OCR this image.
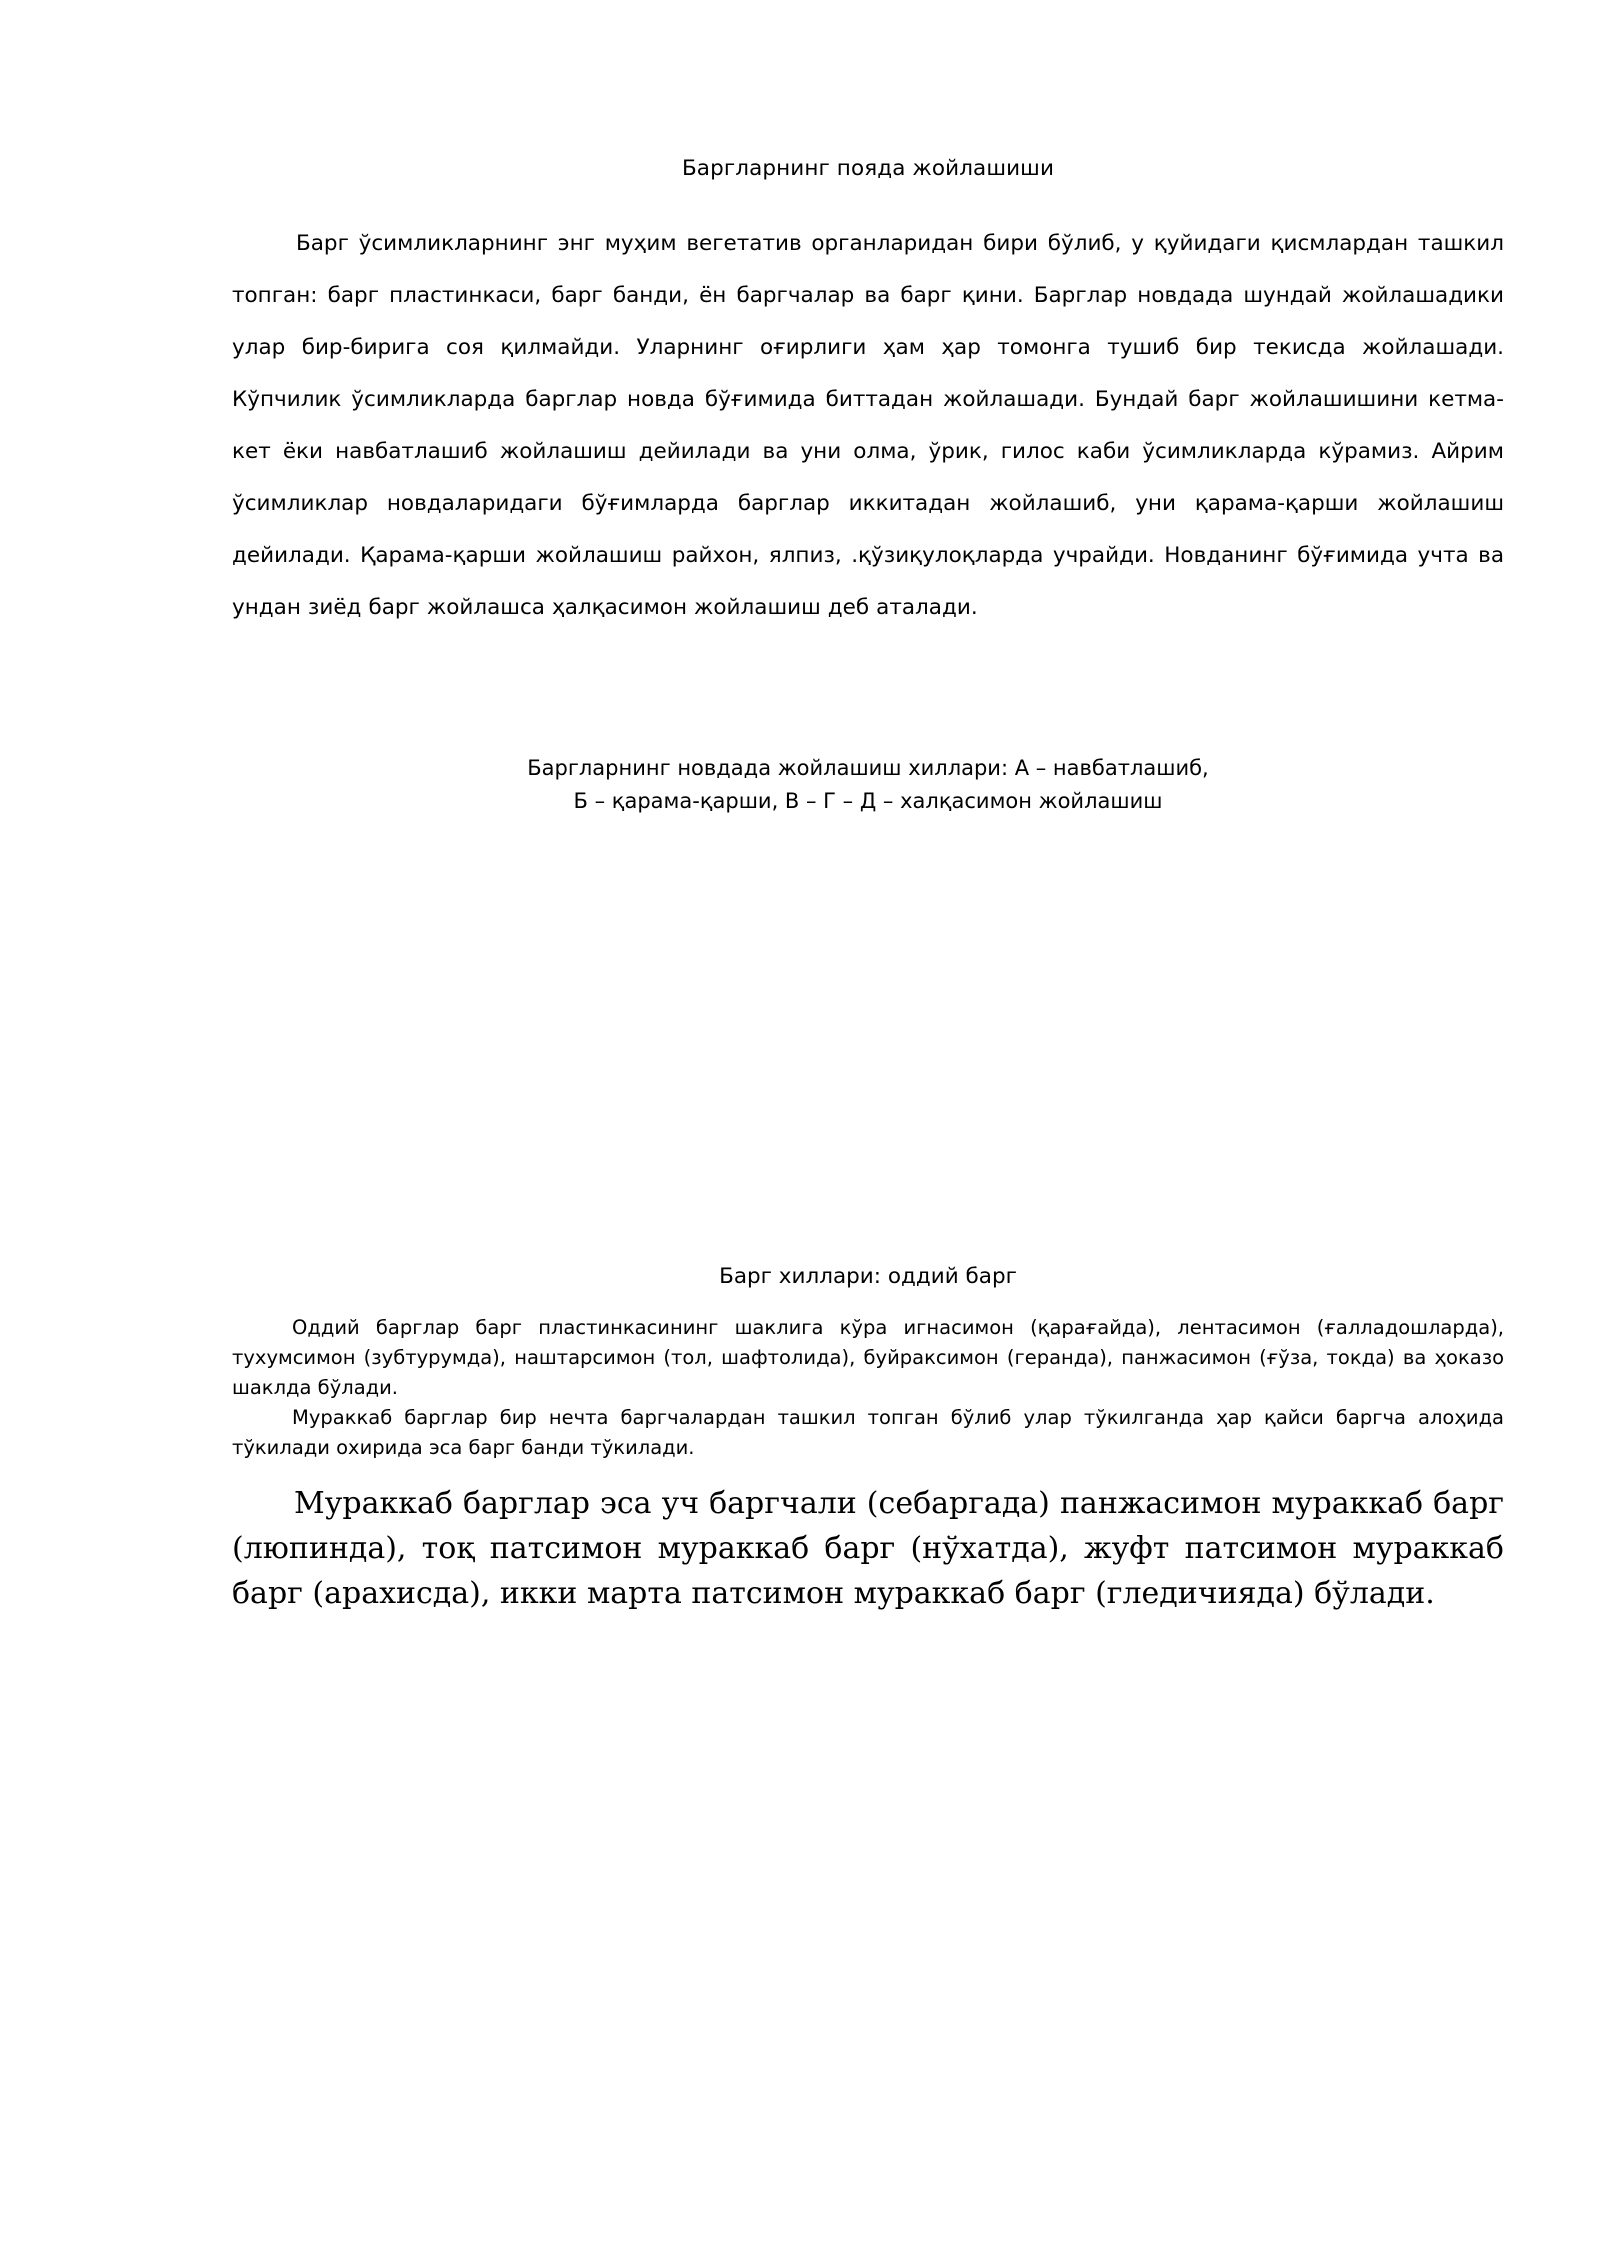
Баргларнинг пояда жойлашиши
Барг ўсимликларнинг энг муҳим вегетатив органларидан бири бўлиб, у қуйидаги қисмлардан ташкил топган: барг пластинкаси, барг банди, ён баргчалар ва барг қини. Барглар новдада шундай жойлашадики улар бир-бирига соя қилмайди. Уларнинг оғирлиги ҳам ҳар томонга тушиб бир текисда жойлашади. Кўпчилик ўсимликларда барглар новда бўғимида биттадан жойлашади. Бундай барг жойлашишини кетма-кет ёки навбатлашиб жойлашиш дейилади ва уни олма, ўрик, гилос каби ўсимликларда кўрамиз. Айрим ўсимликлар новдаларидаги бўғимларда барглар иккитадан жойлашиб, уни қарама-қарши жойлашиш дейилади. Қарама-қарши жойлашиш райхон, ялпиз, .қўзиқулоқларда учрайди. Новданинг бўғимида учта ва ундан зиёд барг жойлашса ҳалқасимон жойлашиш деб аталади.
Баргларнинг новдада жойлашиш хиллари: А – навбатлашиб,
Б – қарама-қарши, В – Г – Д – халқасимон жойлашиш
Барг хиллари: оддий барг

Оддий барглар барг пластинкасининг шаклига кўра игнасимон (қарағайда), лентасимон (ғалладошларда), тухумсимон (зубтурумда), наштарсимон (тол, шафтолида), буйраксимон (геранда), панжасимон (ғўза, токда) ва ҳоказо шаклда бўлади.

Мураккаб барглар бир нечта баргчалардан ташкил топган бўлиб улар тўкилганда ҳар қайси баргча алоҳида тўкилади охирида эса барг банди тўкилади.

Мураккаб барглар эса уч баргчали (себаргада) панжасимон мураккаб барг (люпинда), тоқ патсимон мураккаб барг (нўхатда), жуфт патсимон мураккаб барг (арахисда), икки марта патсимон мураккаб барг (гледичияда) бўлади.
